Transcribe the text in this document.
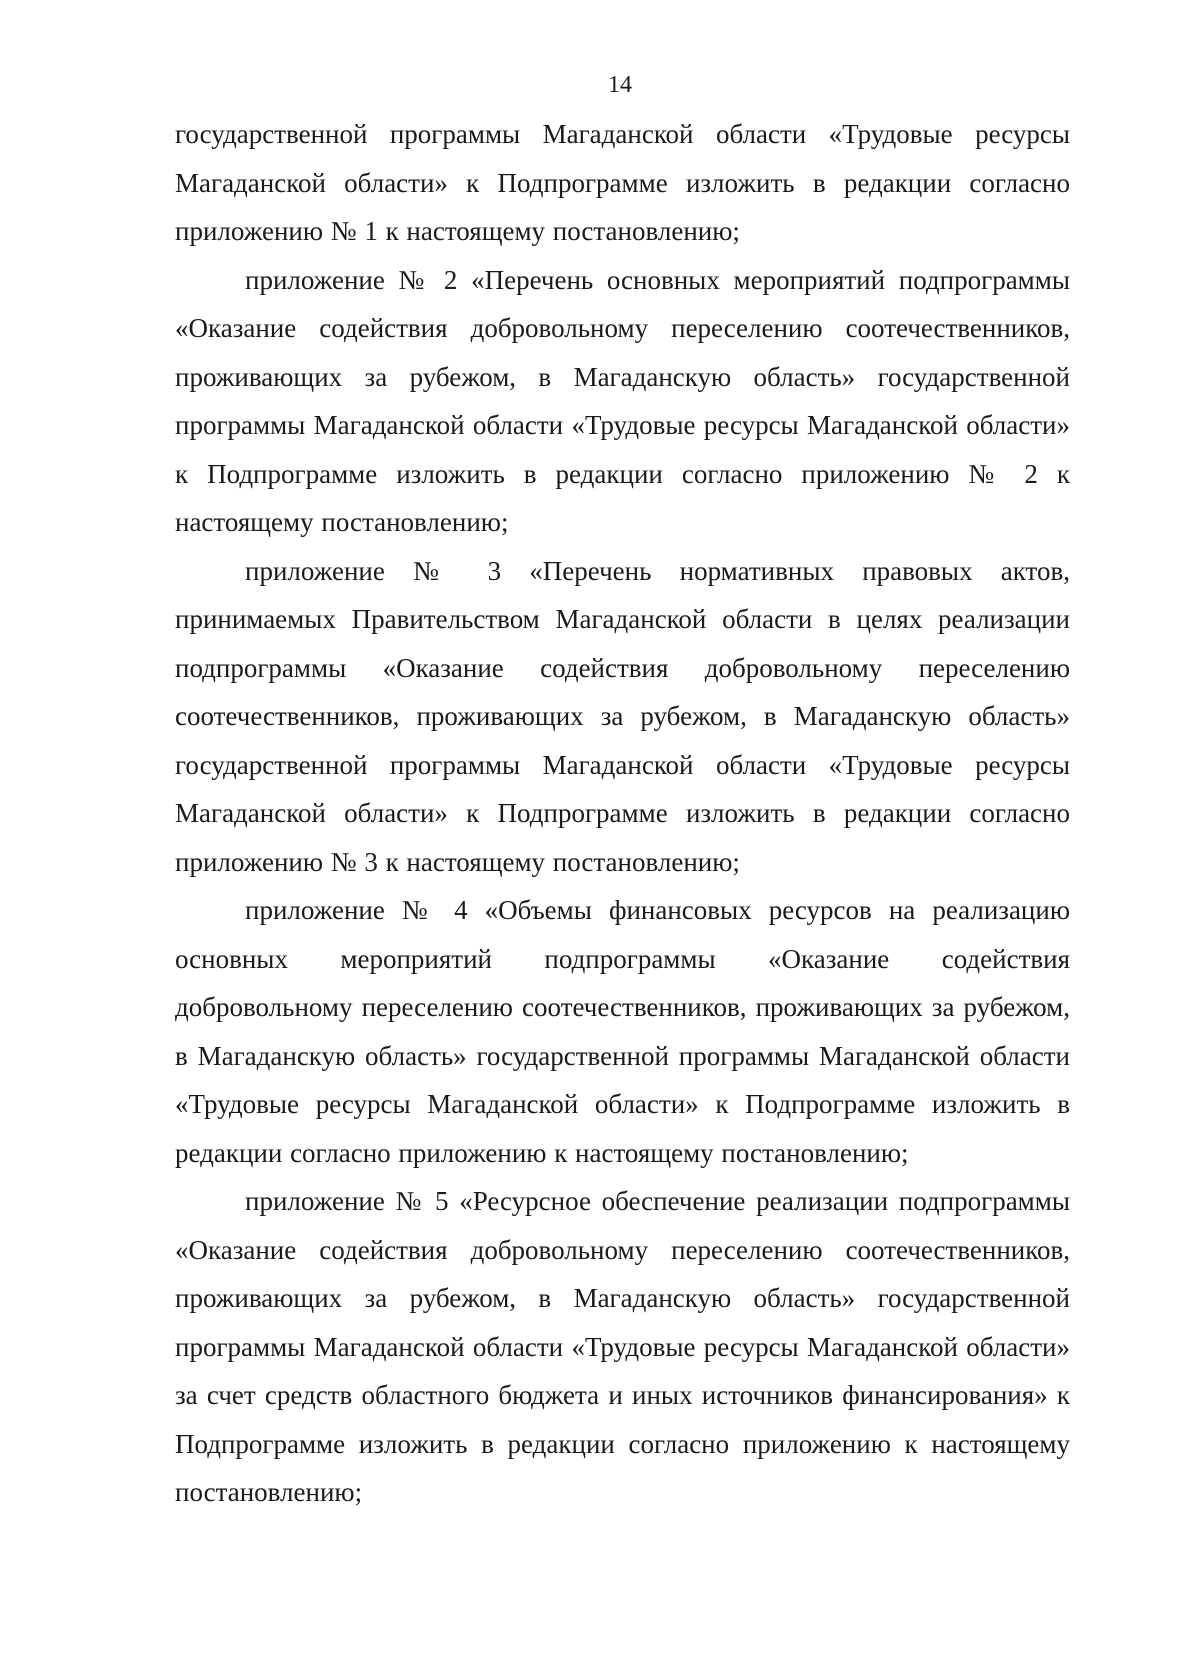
14

государственной программы Магаданской области «Трудовые ресурсы Магаданской области» к Подпрограмме изложить в редакции согласно приложению № 1 к настоящему постановлению;

приложение № 2 «Перечень основных мероприятий подпрограммы «Оказание содействия добровольному переселению соотечественников, проживающих за рубежом, в Магаданскую область» государственной программы Магаданской области «Трудовые ресурсы Магаданской области» к Подпрограмме изложить в редакции согласно приложению № 2 к настоящему постановлению;

приложение № 3 «Перечень нормативных правовых актов, принимаемых Правительством Магаданской области в целях реализации подпрограммы «Оказание содействия добровольному переселению соотечественников, проживающих за рубежом, в Магаданскую область» государственной программы Магаданской области «Трудовые ресурсы Магаданской области» к Подпрограмме изложить в редакции согласно приложению № 3 к настоящему постановлению;

приложение № 4 «Объемы финансовых ресурсов на реализацию основных мероприятий подпрограммы «Оказание содействия добровольному переселению соотечественников, проживающих за рубежом, в Магаданскую область» государственной программы Магаданской области «Трудовые ресурсы Магаданской области» к Подпрограмме изложить в редакции согласно приложению к настоящему постановлению;

приложение № 5 «Ресурсное обеспечение реализации подпрограммы «Оказание содействия добровольному переселению соотечественников, проживающих за рубежом, в Магаданскую область» государственной программы Магаданской области «Трудовые ресурсы Магаданской области» за счет средств областного бюджета и иных источников финансирования» к Подпрограмме изложить в редакции согласно приложению к настоящему постановлению;
